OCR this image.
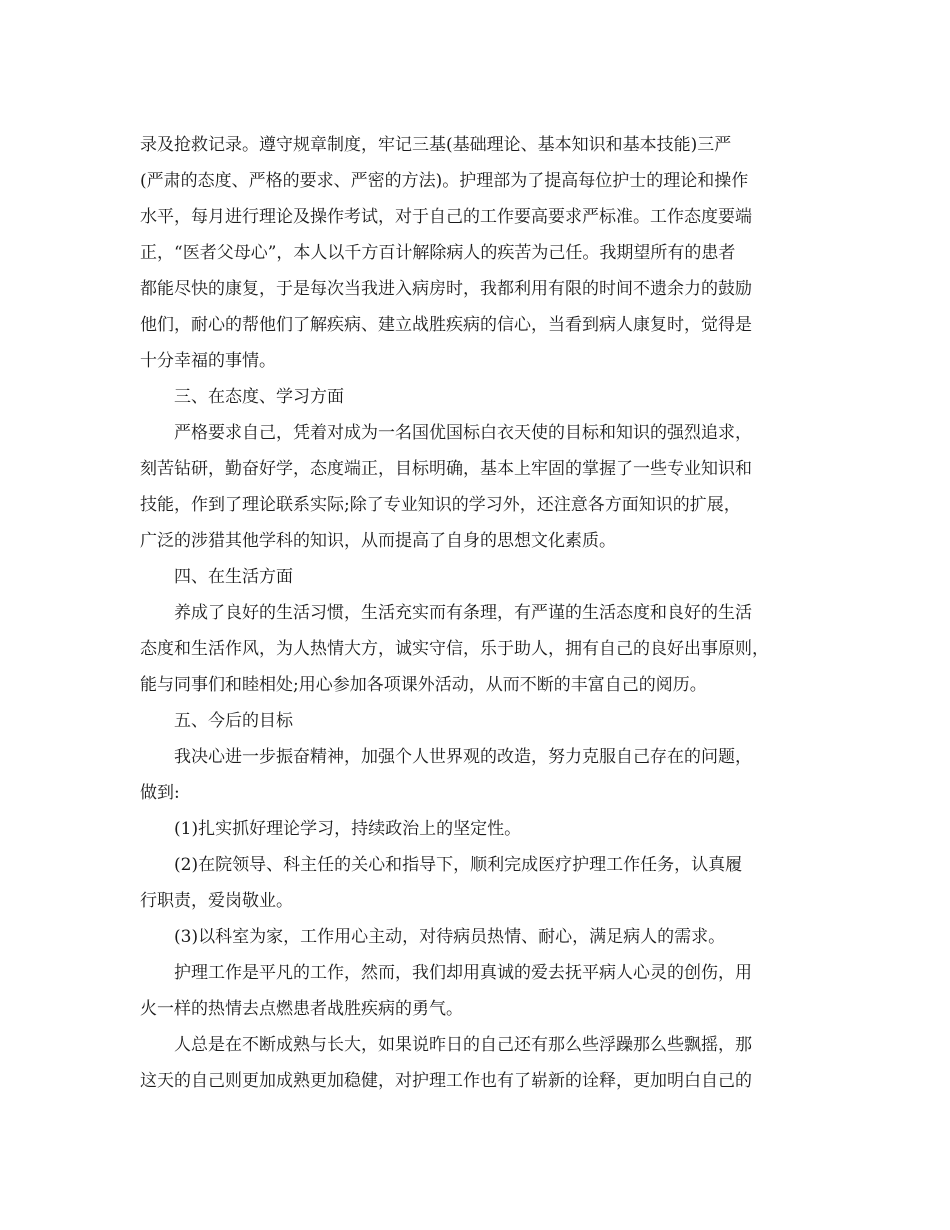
录及抢救记录。遵守规章制度，牢记三基(基础理论、基本知识和基本技能)三严
(严肃的态度、严格的要求、严密的方法)。护理部为了提高每位护士的理论和操作
水平，每月进行理论及操作考试，对于自己的工作要高要求严标准。工作态度要端
正，“医者父母心”，本人以千方百计解除病人的疾苦为己任。我期望所有的患者
都能尽快的康复，于是每次当我进入病房时，我都利用有限的时间不遗余力的鼓励
他们，耐心的帮他们了解疾病、建立战胜疾病的信心，当看到病人康复时，觉得是
十分幸福的事情。
三、在态度、学习方面
严格要求自己，凭着对成为一名国优国标白衣天使的目标和知识的强烈追求，
刻苦钻研，勤奋好学，态度端正，目标明确，基本上牢固的掌握了一些专业知识和
技能，作到了理论联系实际;除了专业知识的学习外，还注意各方面知识的扩展，
广泛的涉猎其他学科的知识，从而提高了自身的思想文化素质。
四、在生活方面
养成了良好的生活习惯，生活充实而有条理，有严谨的生活态度和良好的生活
态度和生活作风，为人热情大方，诚实守信，乐于助人，拥有自己的良好出事原则，
能与同事们和睦相处;用心参加各项课外活动，从而不断的丰富自己的阅历。
五、今后的目标
我决心进一步振奋精神，加强个人世界观的改造，努力克服自己存在的问题，
做到:
(1)扎实抓好理论学习，持续政治上的坚定性。
(2)在院领导、科主任的关心和指导下，顺利完成医疗护理工作任务，认真履
行职责，爱岗敬业。
(3)以科室为家，工作用心主动，对待病员热情、耐心，满足病人的需求。
护理工作是平凡的工作，然而，我们却用真诚的爱去抚平病人心灵的创伤，用
火一样的热情去点燃患者战胜疾病的勇气。
人总是在不断成熟与长大，如果说昨日的自己还有那么些浮躁那么些飘摇，那
这天的自己则更加成熟更加稳健，对护理工作也有了崭新的诠释，更加明白自己的
